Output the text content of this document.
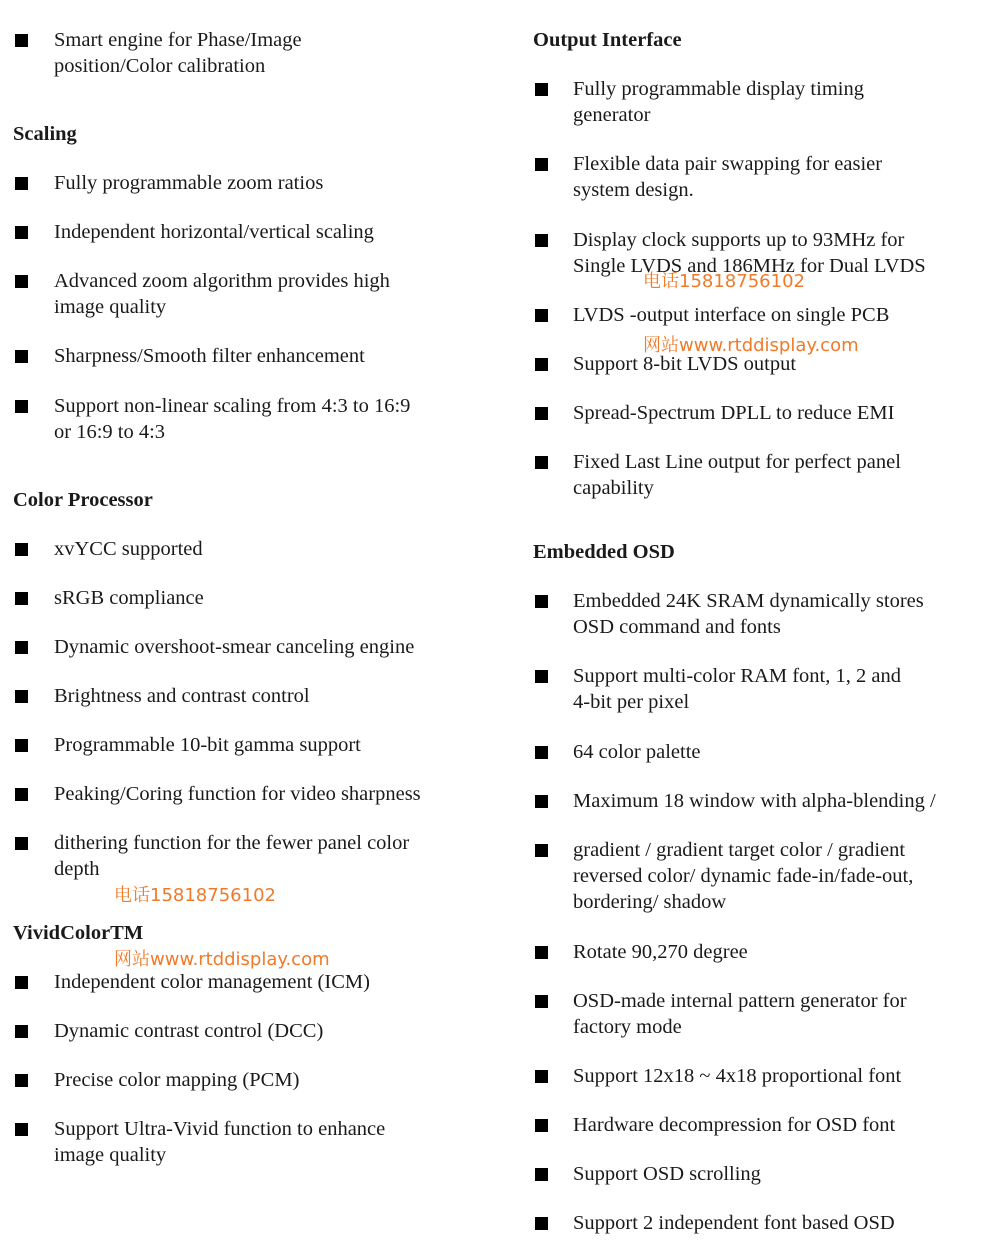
Smart engine for Phase/Image
position/Color calibration
Scaling
Fully programmable zoom ratios
Independent horizontal/vertical scaling
Advanced zoom algorithm provides high
image quality
Sharpness/Smooth filter enhancement
Support non-linear scaling from 4:3 to 16:9
or 16:9 to 4:3
Color Processor
xvYCC supported
sRGB compliance
Dynamic overshoot-smear canceling engine
Brightness and contrast control
Programmable 10-bit gamma support
Peaking/Coring function for video sharpness
dithering function for the fewer panel color
depth
VividColorTM
Independent color management (ICM)
Dynamic contrast control (DCC)
Precise color mapping (PCM)
Support Ultra-Vivid function to enhance
image quality
Output Interface
Fully programmable display timing
generator
Flexible data pair swapping for easier
system design.
Display clock supports up to 93MHz for
Single LVDS and 186MHz for Dual LVDS
LVDS -output interface on single PCB
Support 8-bit LVDS output
Spread-Spectrum DPLL to reduce EMI
Fixed Last Line output for perfect panel
capability
Embedded OSD
Embedded 24K SRAM dynamically stores
OSD command and fonts
Support multi-color RAM font, 1, 2 and
4-bit per pixel
64 color palette
Maximum 18 window with alpha-blending /
gradient / gradient target color / gradient
reversed color/ dynamic fade-in/fade-out,
bordering/ shadow
Rotate 90,270 degree
OSD-made internal pattern generator for
factory mode
Support 12x18 ~ 4x18 proportional font
Hardware decompression for OSD font
Support OSD scrolling
Support 2 independent font based OSD
电话15818756102
网站www.rtddisplay.com
电话15818756102
网站www.rtddisplay.com
